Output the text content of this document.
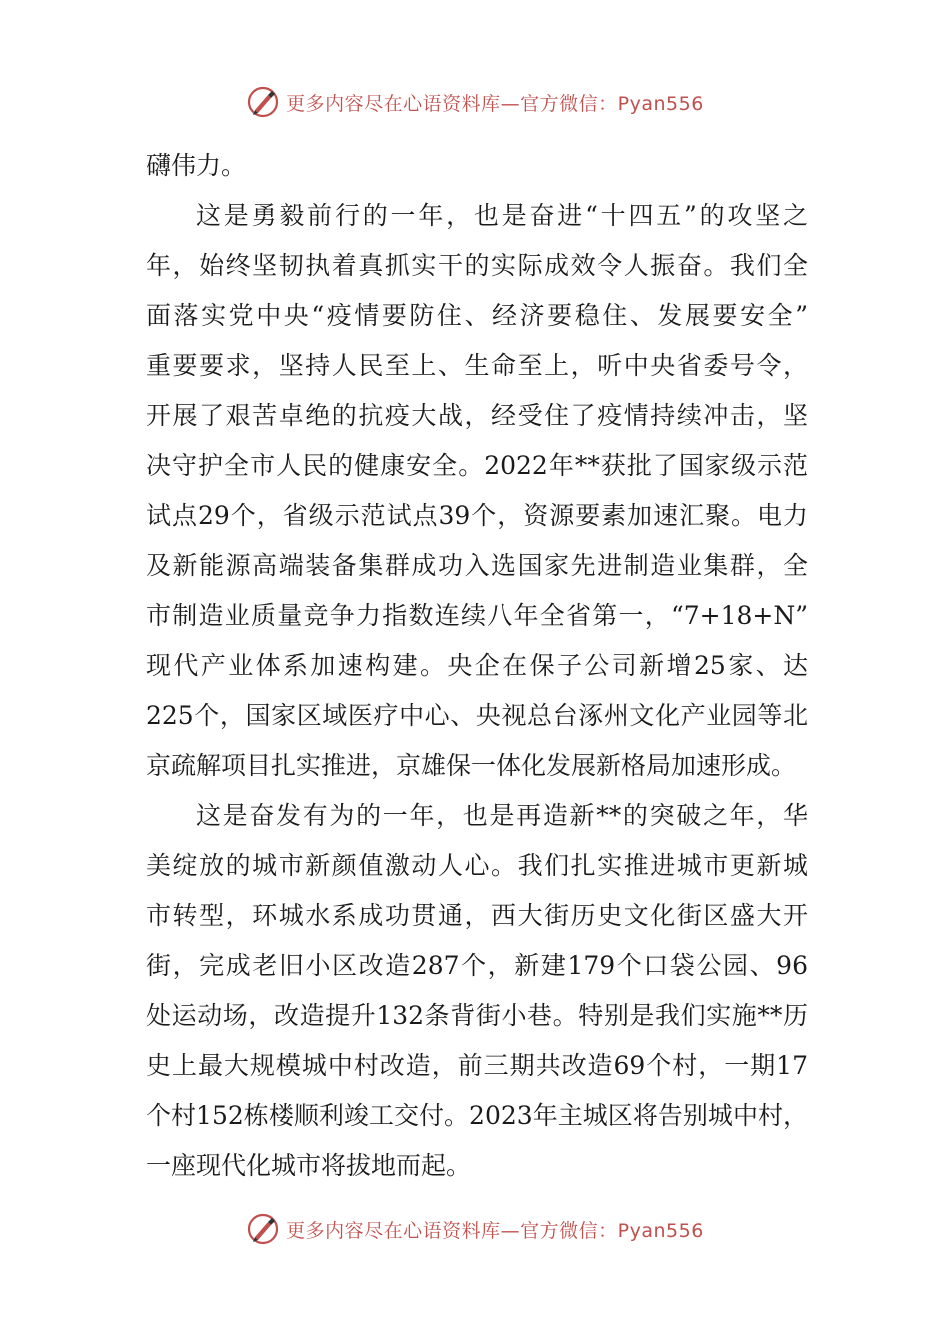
更多内容尽在心语资料库—官方微信：Pyan556
礴伟力。
这是勇毅前行的一年，也是奋进“十四五”的攻坚之
年，始终坚韧执着真抓实干的实际成效令人振奋。我们全
面落实党中央“疫情要防住、经济要稳住、发展要安全”
重要要求，坚持人民至上、生命至上，听中央省委号令，
开展了艰苦卓绝的抗疫大战，经受住了疫情持续冲击，坚
决守护全市人民的健康安全。2022年**获批了国家级示范
试点29个，省级示范试点39个，资源要素加速汇聚。电力
及新能源高端装备集群成功入选国家先进制造业集群，全
市制造业质量竞争力指数连续八年全省第一，“7+18+N”
现代产业体系加速构建。央企在保子公司新增25家、达
225个，国家区域医疗中心、央视总台涿州文化产业园等北
京疏解项目扎实推进，京雄保一体化发展新格局加速形成。
这是奋发有为的一年，也是再造新**的突破之年，华
美绽放的城市新颜值激动人心。我们扎实推进城市更新城
市转型，环城水系成功贯通，西大街历史文化街区盛大开
街，完成老旧小区改造287个，新建179个口袋公园、96
处运动场，改造提升132条背街小巷。特别是我们实施**历
史上最大规模城中村改造，前三期共改造69个村，一期17
个村152栋楼顺利竣工交付。2023年主城区将告别城中村，
一座现代化城市将拔地而起。
更多内容尽在心语资料库—官方微信：Pyan556
